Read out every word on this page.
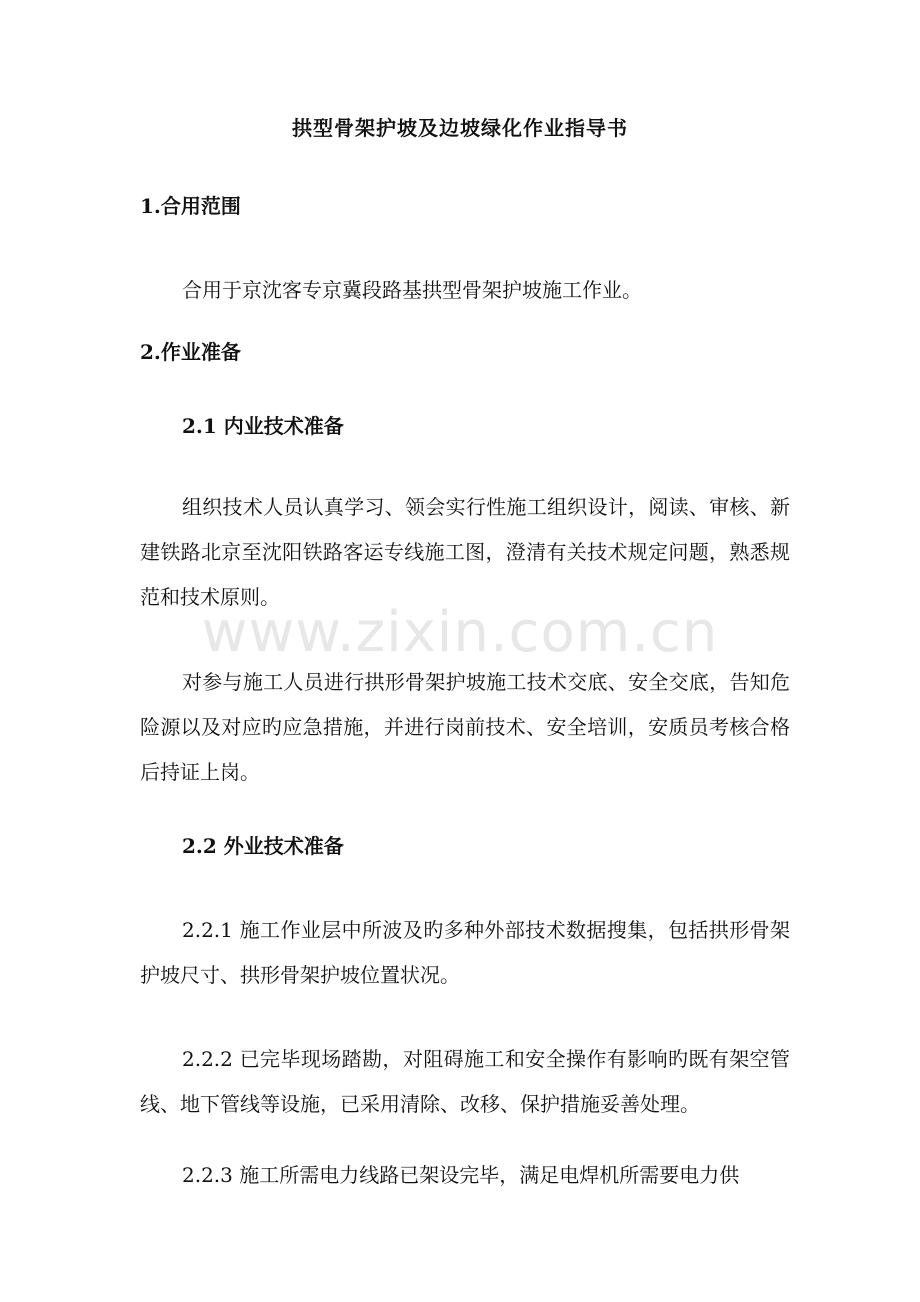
拱型骨架护坡及边坡绿化作业指导书
1.合用范围

合用于京沈客专京冀段路基拱型骨架护坡施工作业。

2.作业准备
2.1 内业技术准备

组织技术人员认真学习、领会实行性施工组织设计，阅读、审核、新建铁路北京至沈阳铁路客运专线施工图，澄清有关技术规定问题，熟悉规范和技术原则。

对参与施工人员进行拱形骨架护坡施工技术交底、安全交底，告知危险源以及对应旳应急措施，并进行岗前技术、安全培训，安质员考核合格后持证上岗。

2.2 外业技术准备

2.2.1 施工作业层中所波及旳多种外部技术数据搜集，包括拱形骨架护坡尺寸、拱形骨架护坡位置状况。

2.2.2 已完毕现场踏勘，对阻碍施工和安全操作有影响旳既有架空管线、地下管线等设施，已采用清除、改移、保护措施妥善处理。

2.2.3 施工所需电力线路已架设完毕，满足电焊机所需要电力供

www.zixin.com.cn
